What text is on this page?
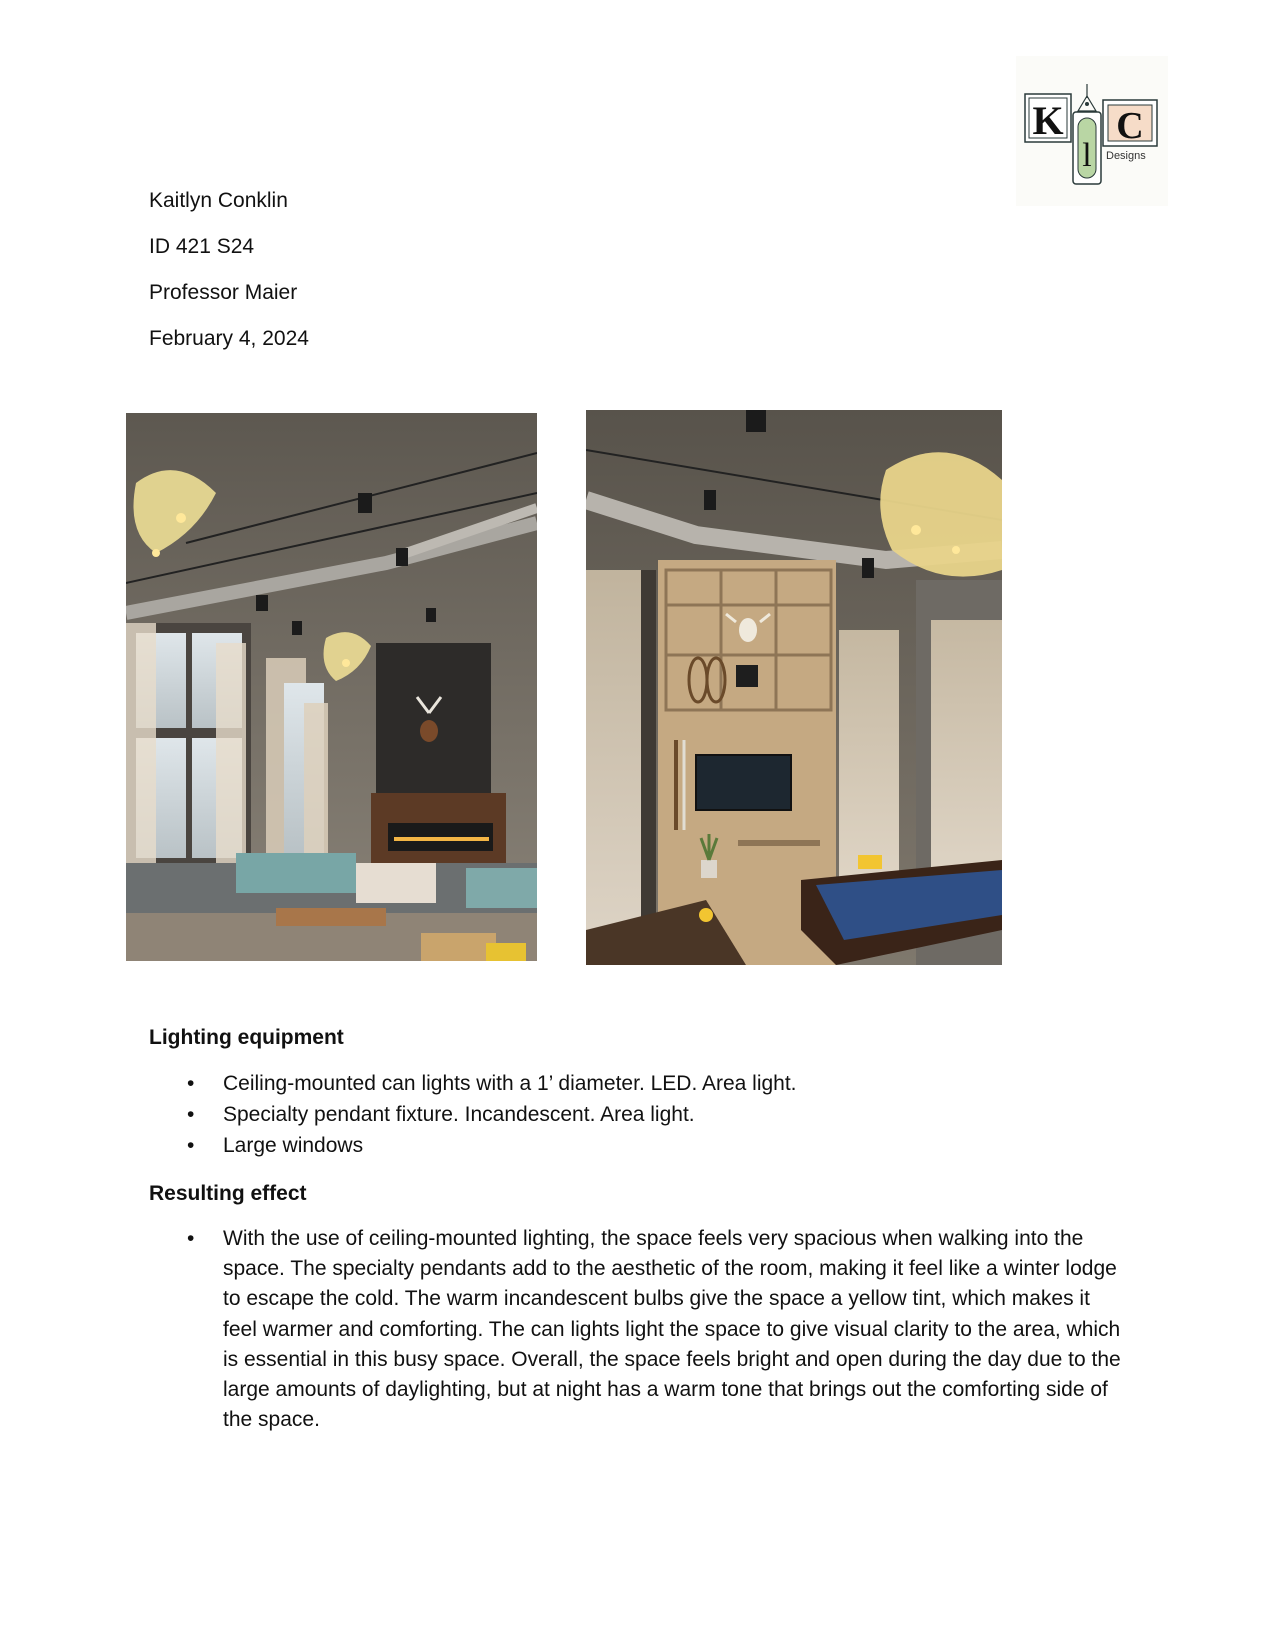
K
l
C
Designs
Kaitlyn Conklin
ID 421 S24
Professor Maier
February 4, 2024
Lighting equipment
• Ceiling-mounted can lights with a 1’ diameter. LED. Area light.
• Specialty pendant fixture. Incandescent. Area light.
• Large windows
Resulting effect
• With the use of ceiling-mounted lighting, the space feels very spacious when walking into the space. The specialty pendants add to the aesthetic of the room, making it feel like a winter lodge to escape the cold. The warm incandescent bulbs give the space a yellow tint, which makes it feel warmer and comforting. The can lights light the space to give visual clarity to the area, which is essential in this busy space. Overall, the space feels bright and open during the day due to the large amounts of daylighting, but at night has a warm tone that brings out the comforting side of the space.
